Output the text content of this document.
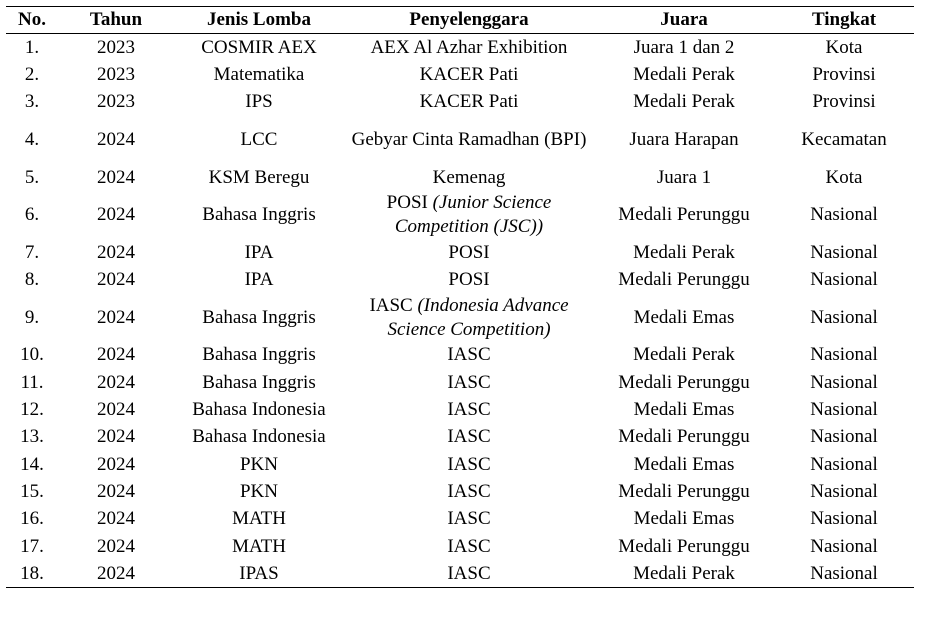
No.	Tahun	Jenis Lomba	Penyelenggara	Juara	Tingkat
1.	2023	COSMIR AEX	AEX Al Azhar Exhibition	Juara 1 dan 2	Kota
2.	2023	Matematika	KACER Pati	Medali Perak	Provinsi
3.	2023	IPS	KACER Pati	Medali Perak	Provinsi
4.	2024	LCC	Gebyar Cinta Ramadhan (BPI)	Juara Harapan	Kecamatan
5.	2024	KSM Beregu	Kemenag	Juara 1	Kota
6.	2024	Bahasa Inggris	POSI (Junior Science Competition (JSC))	Medali Perunggu	Nasional
7.	2024	IPA	POSI	Medali Perak	Nasional
8.	2024	IPA	POSI	Medali Perunggu	Nasional
9.	2024	Bahasa Inggris	IASC (Indonesia Advance Science Competition)	Medali Emas	Nasional
10.	2024	Bahasa Inggris	IASC	Medali Perak	Nasional
11.	2024	Bahasa Inggris	IASC	Medali Perunggu	Nasional
12.	2024	Bahasa Indonesia	IASC	Medali Emas	Nasional
13.	2024	Bahasa Indonesia	IASC	Medali Perunggu	Nasional
14.	2024	PKN	IASC	Medali Emas	Nasional
15.	2024	PKN	IASC	Medali Perunggu	Nasional
16.	2024	MATH	IASC	Medali Emas	Nasional
17.	2024	MATH	IASC	Medali Perunggu	Nasional
18.	2024	IPAS	IASC	Medali Perak	Nasional
